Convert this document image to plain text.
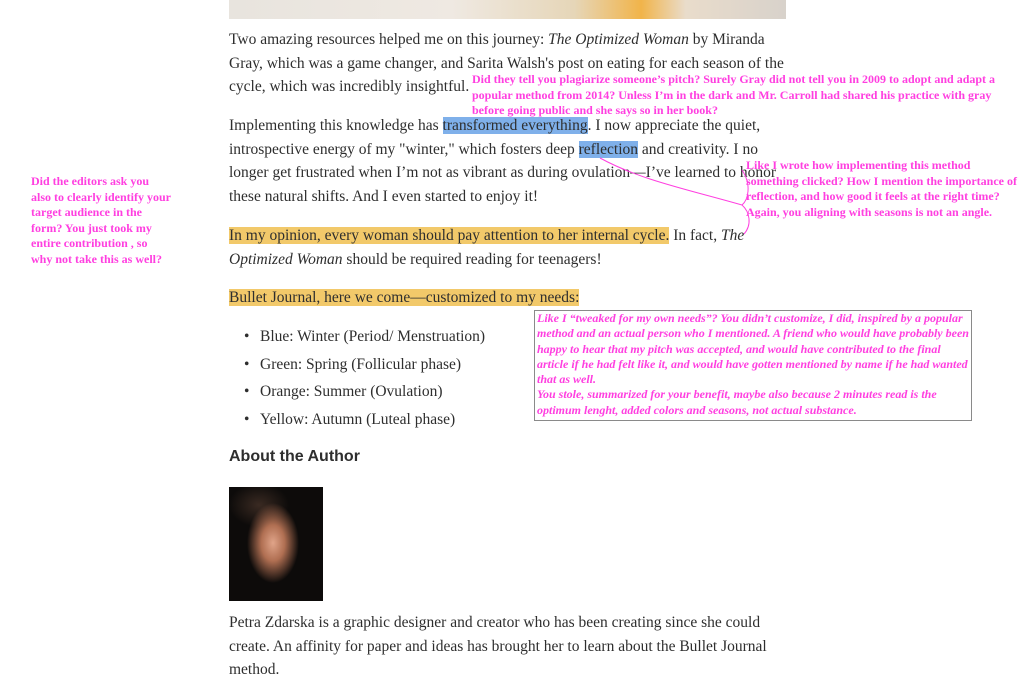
Two amazing resources helped me on this journey: The Optimized Woman by Miranda Gray, which was a game changer, and Sarita Walsh's post on eating for each season of the cycle, which was incredibly insightful.

Implementing this knowledge has transformed everything. I now appreciate the quiet, introspective energy of my "winter," which fosters deep reflection and creativity. I no longer get frustrated when I’m not as vibrant as during ovulation—I’ve learned to honor these natural shifts. And I even started to enjoy it!

In my opinion, every woman should pay attention to her internal cycle. In fact, The Optimized Woman should be required reading for teenagers!

Bullet Journal, here we come—customized to my needs:

• Blue: Winter (Period/ Menstruation)
• Green: Spring (Follicular phase)
• Orange: Summer (Ovulation)
• Yellow: Autumn (Luteal phase)
About the Author

Petra Zdarska is a graphic designer and creator who has been creating since she could create. An affinity for paper and ideas has brought her to learn about the Bullet Journal method.

Did the editors ask you also to clearly identify your target audience in the form? You just took my entire contribution , so why not take this as well?

Did they tell you plagiarize someone’s pitch? Surely Gray did not tell you in 2009 to adopt and adapt a popular method from 2014? Unless I’m in the dark and Mr. Carroll had shared his practice with gray before going public and she says so in her book?

Like I wrote how implementing this method something clicked? How I mention the importance of reflection, and how good it feels at the right time? Again, you aligning with seasons is not an angle.

Like I “tweaked for my own needs”? You didn’t customize, I did, inspired by a popular method and an actual person who I mentioned. A friend who would have probably been happy to hear that my pitch was accepted, and would have contributed to the final article if he had felt like it, and would have gotten mentioned by name if he had wanted that as well.

You stole, summarized for your benefit, maybe also because 2 minutes read is the optimum lenght, added colors and seasons, not actual substance.
